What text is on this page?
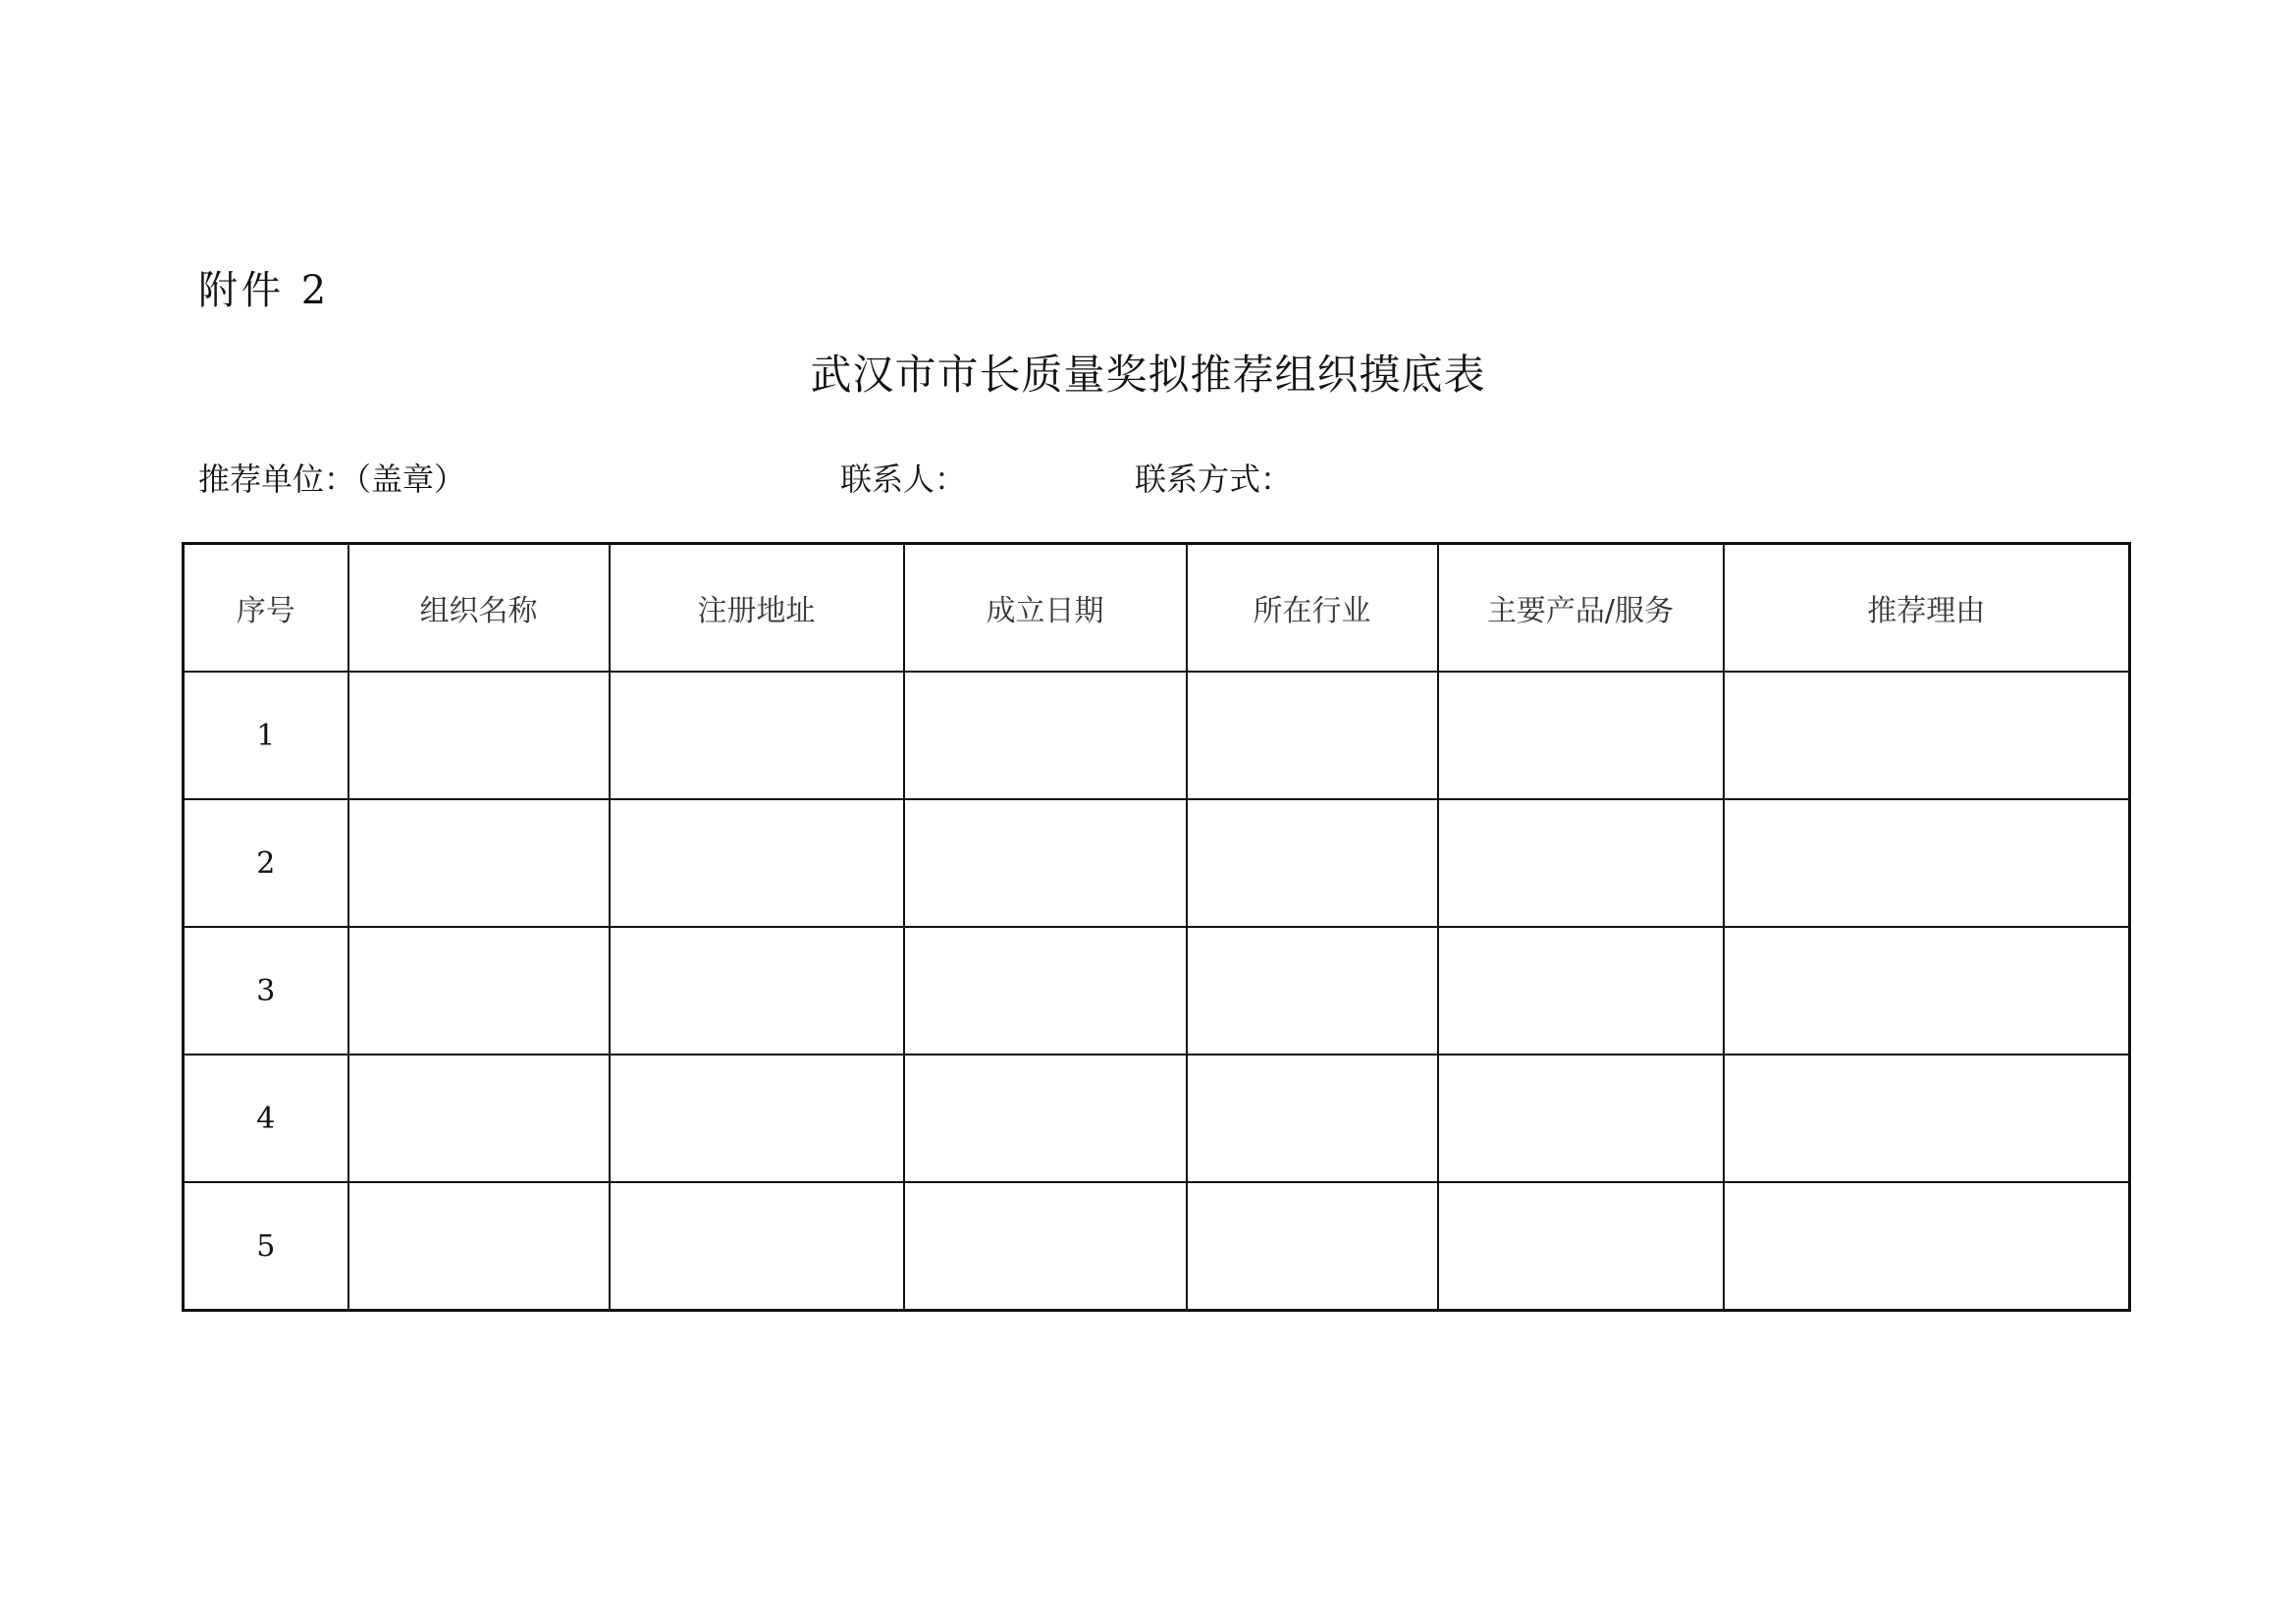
附件 2
武汉市市长质量奖拟推荐组织摸底表
推荐单位：（盖章）	联系人：	联系方式：
序号	组织名称	注册地址	成立日期	所在行业	主要产品/服务	推荐理由
1						
2						
3						
4						
5						
